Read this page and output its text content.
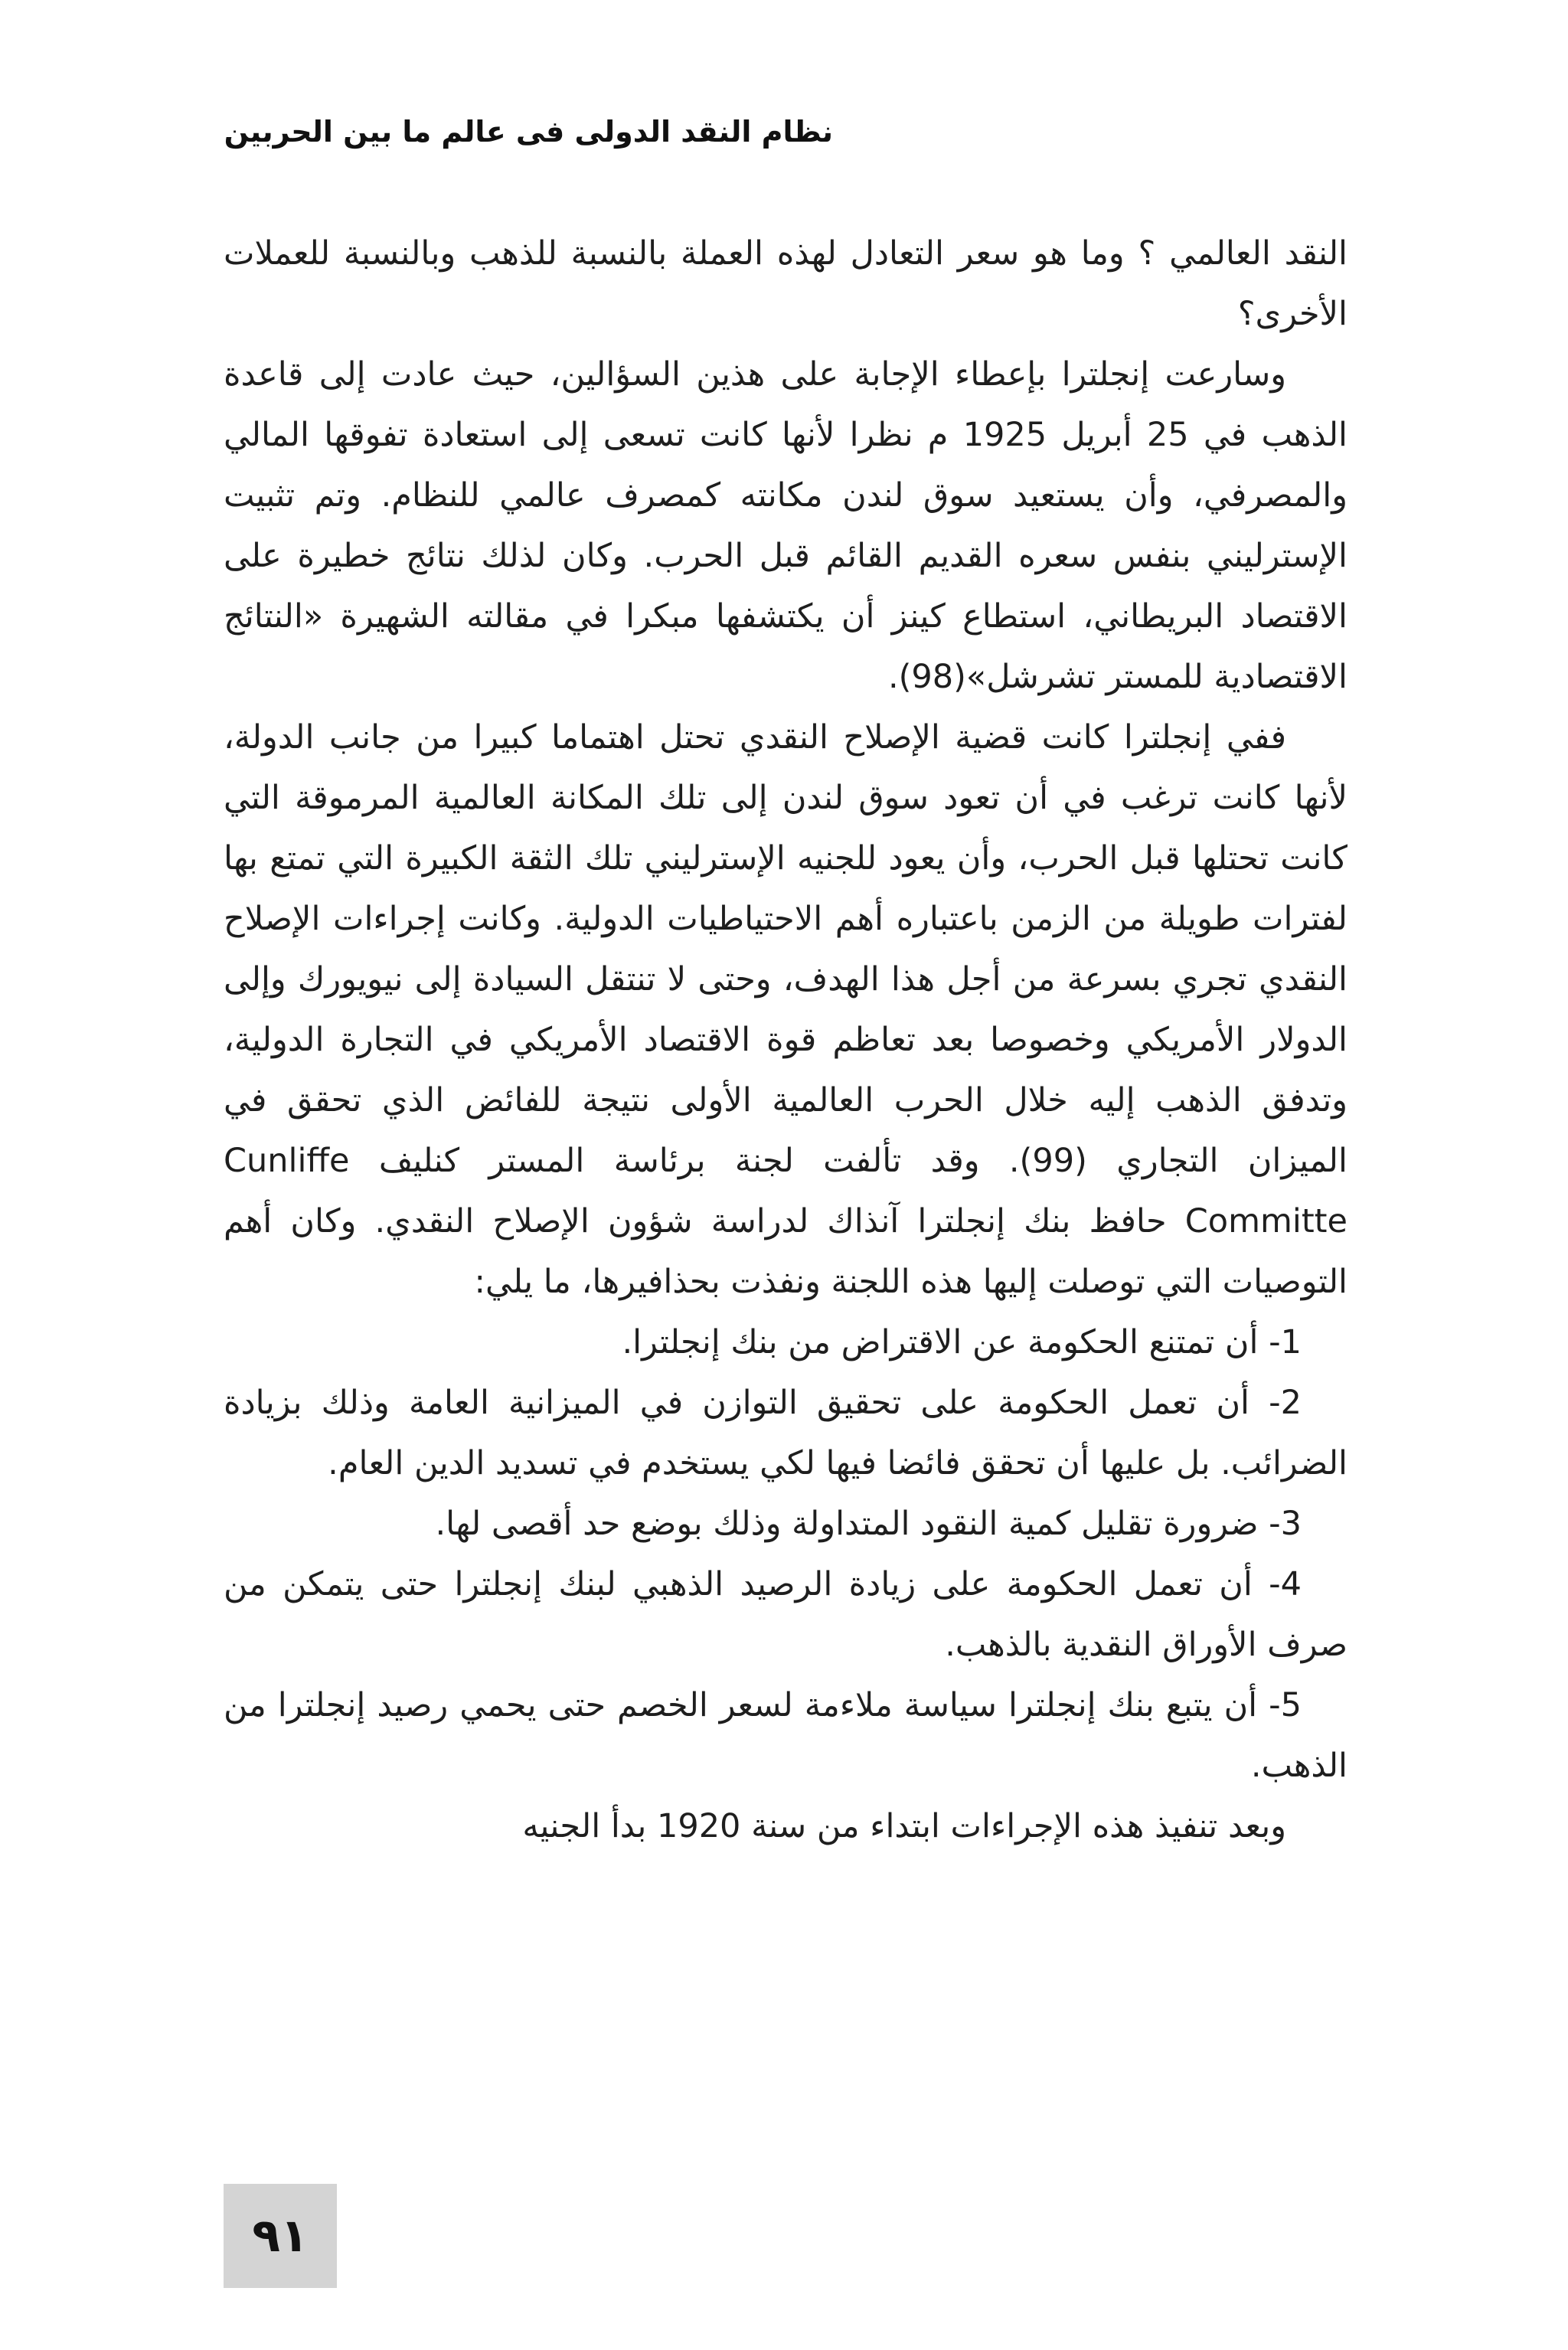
نظام النقد الدولى فى عالم ما بين الحربين

النقد العالمي ؟ وما هو سعر التعادل لهذه العملة بالنسبة للذهب وبالنسبة للعملات الأخرى؟

وسارعت إنجلترا بإعطاء الإجابة على هذين السؤالين، حيث عادت إلى قاعدة الذهب في 25 أبريل 1925 م نظرا لأنها كانت تسعى إلى استعادة تفوقها المالي والمصرفي، وأن يستعيد سوق لندن مكانته كمصرف عالمي للنظام. وتم تثبيت الإسترليني بنفس سعره القديم القائم قبل الحرب. وكان لذلك نتائج خطيرة على الاقتصاد البريطاني، استطاع كينز أن يكتشفها مبكرا في مقالته الشهيرة «النتائج الاقتصادية للمستر تشرشل»(98).

ففي إنجلترا كانت قضية الإصلاح النقدي تحتل اهتماما كبيرا من جانب الدولة، لأنها كانت ترغب في أن تعود سوق لندن إلى تلك المكانة العالمية المرموقة التي كانت تحتلها قبل الحرب، وأن يعود للجنيه الإسترليني تلك الثقة الكبيرة التي تمتع بها لفترات طويلة من الزمن باعتباره أهم الاحتياطيات الدولية. وكانت إجراءات الإصلاح النقدي تجري بسرعة من أجل هذا الهدف، وحتى لا تنتقل السيادة إلى نيويورك وإلى الدولار الأمريكي وخصوصا بعد تعاظم قوة الاقتصاد الأمريكي في التجارة الدولية، وتدفق الذهب إليه خلال الحرب العالمية الأولى نتيجة للفائض الذي تحقق في الميزان التجاري (99). وقد تألفت لجنة برئاسة المستر كنليف Cunliffe Committe حافظ بنك إنجلترا آنذاك لدراسة شؤون الإصلاح النقدي. وكان أهم التوصيات التي توصلت إليها هذه اللجنة ونفذت بحذافيرها، ما يلي:

1- أن تمتنع الحكومة عن الاقتراض من بنك إنجلترا.

2- أن تعمل الحكومة على تحقيق التوازن في الميزانية العامة وذلك بزيادة الضرائب. بل عليها أن تحقق فائضا فيها لكي يستخدم في تسديد الدين العام.

3- ضرورة تقليل كمية النقود المتداولة وذلك بوضع حد أقصى لها.

4- أن تعمل الحكومة على زيادة الرصيد الذهبي لبنك إنجلترا حتى يتمكن من صرف الأوراق النقدية بالذهب.

5- أن يتبع بنك إنجلترا سياسة ملاءمة لسعر الخصم حتى يحمي رصيد إنجلترا من الذهب.

وبعد تنفيذ هذه الإجراءات ابتداء من سنة 1920 بدأ الجنيه

٩١
